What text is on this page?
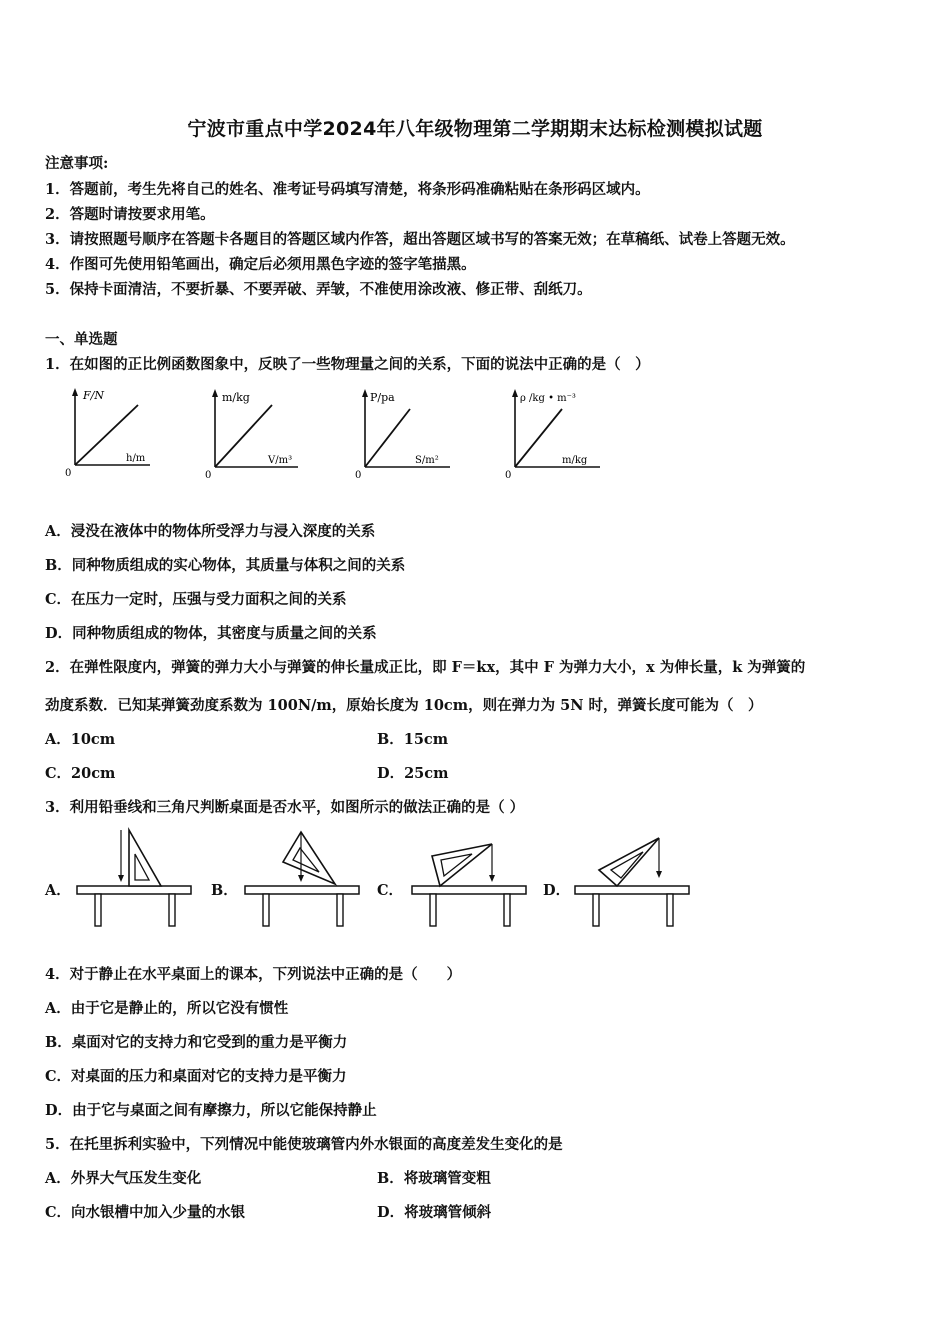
宁波市重点中学2024年八年级物理第二学期期末达标检测模拟试题
注意事项:
1．答题前，考生先将自己的姓名、准考证号码填写清楚，将条形码准确粘贴在条形码区域内。
2．答题时请按要求用笔。
3．请按照题号顺序在答题卡各题目的答题区域内作答，超出答题区域书写的答案无效；在草稿纸、试卷上答题无效。
4．作图可先使用铅笔画出，确定后必须用黑色字迹的签字笔描黑。
5．保持卡面清洁，不要折暴、不要弄破、弄皱，不准使用涂改液、修正带、刮纸刀。
一、单选题
1．在如图的正比例函数图象中，反映了一些物理量之间的关系，下面的说法中正确的是（　）
F/N
h/m
0
m/kg
V/m³
0
P/pa
S/m²
0
ρ /kg • m⁻³
m/kg
0
A．浸没在液体中的物体所受浮力与浸入深度的关系
B．同种物质组成的实心物体，其质量与体积之间的关系
C．在压力一定时，压强与受力面积之间的关系
D．同种物质组成的物体，其密度与质量之间的关系
2．在弹性限度内，弹簧的弹力大小与弹簧的伸长量成正比，即 F＝kx，其中 F 为弹力大小，x 为伸长量，k 为弹簧的
劲度系数．已知某弹簧劲度系数为 100N/m，原始长度为 10cm，则在弹力为 5N 时，弹簧长度可能为（　）
A．10cm	B．15cm
C．20cm	D．25cm
3．利用铅垂线和三角尺判断桌面是否水平，如图所示的做法正确的是（ ）
A．	B．	C．	D．
4．对于静止在水平桌面上的课本，下列说法中正确的是（　　）
A．由于它是静止的，所以它没有惯性
B．桌面对它的支持力和它受到的重力是平衡力
C．对桌面的压力和桌面对它的支持力是平衡力
D．由于它与桌面之间有摩擦力，所以它能保持静止
5．在托里拆利实验中，下列情况中能使玻璃管内外水银面的高度差发生变化的是
A．外界大气压发生变化	B．将玻璃管变粗
C．向水银槽中加入少量的水银	D．将玻璃管倾斜
